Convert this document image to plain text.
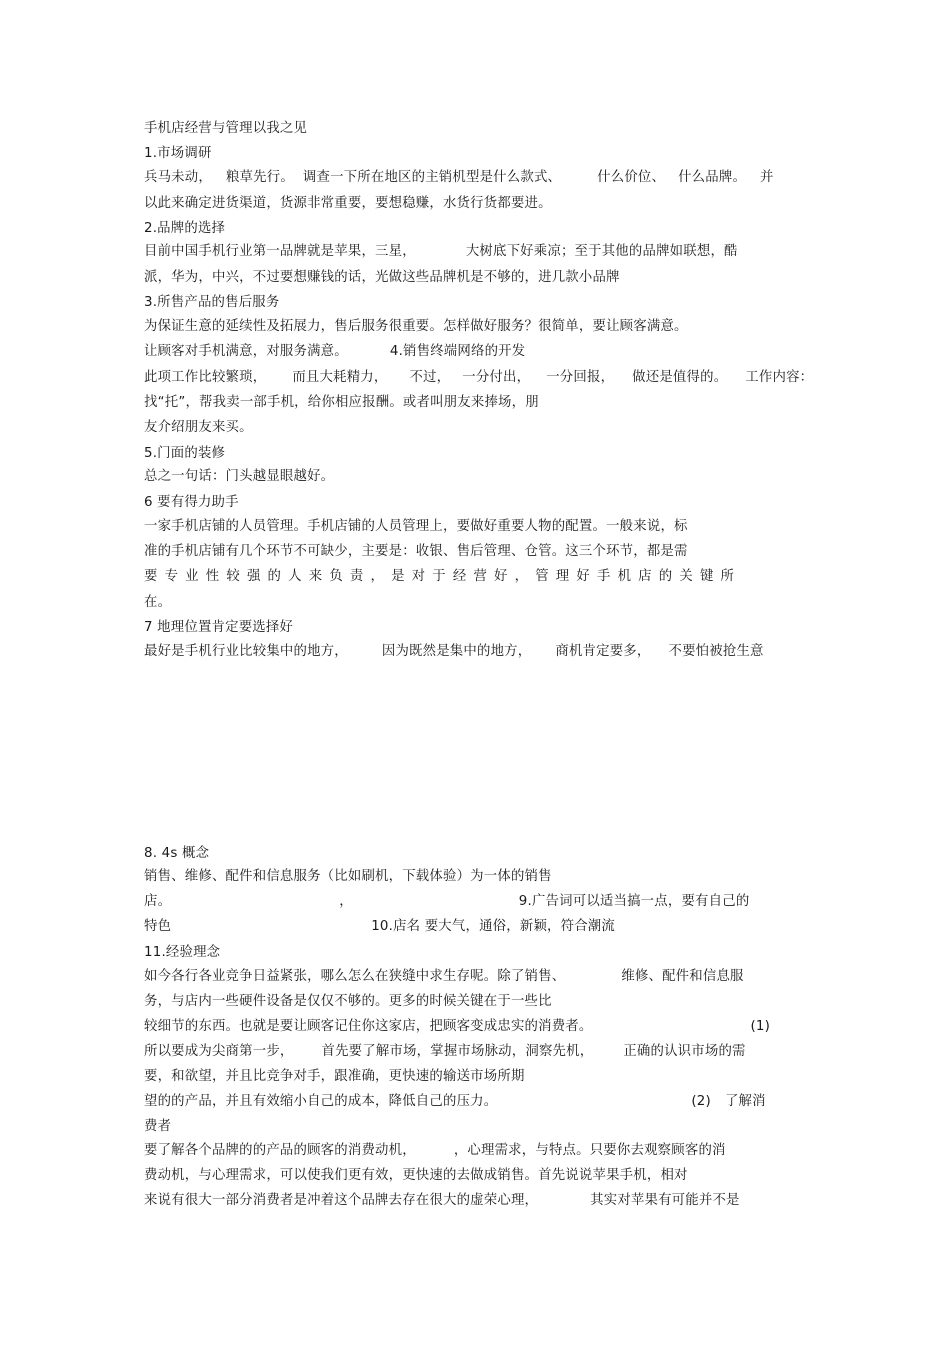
手机店经营与管理以我之见
1.市场调研
兵马未动， 粮草先行。 调查一下所在地区的主销机型是什么款式、	什么价位、 什么品牌。 并
以此来确定进货渠道，货源非常重要，要想稳赚，水货行货都要进。
2.品牌的选择
目前中国手机行业第一品牌就是苹果，三星，	大树底下好乘凉；至于其他的品牌如联想，酷
派，华为，中兴，不过要想赚钱的话，光做这些品牌机是不够的，进几款小品牌
3.所售产品的售后服务
为保证生意的延续性及拓展力，售后服务很重要。怎样做好服务？很简单，要让顾客满意。
让顾客对手机满意，对服务满意。	4.销售终端网络的开发
此项工作比较繁琐， 而且大耗精力， 不过， 一分付出， 一分回报， 做还是值得的。 工作内容：
找“托”，帮我卖一部手机，给你相应报酬。或者叫朋友来捧场，朋
友介绍朋友来买。
5.门面的装修
总之一句话：门头越显眼越好。
6 要有得力助手
一家手机店铺的人员管理。手机店铺的人员管理上，要做好重要人物的配置。一般来说，标
准的手机店铺有几个环节不可缺少，主要是：收银、售后管理、仓管。这三个环节，都是需
要专业性较强的人来负责，是对于经营好，管理好手机店的关键所
在。
7 地理位置肯定要选择好
最好是手机行业比较集中的地方，	因为既然是集中的地方， 商机肯定要多， 不要怕被抢生意
8. 4s 概念
销售、维修、配件和信息服务（比如刷机，下载体验）为一体的销售
店。	，	9.广告词可以适当搞一点，要有自己的
特色	10.店名 要大气，通俗，新颖，符合潮流
11.经验理念
如今各行各业竞争日益紧张，哪么怎么在狭缝中求生存呢。除了销售、	维修、配件和信息服
务，与店内一些硬件设备是仅仅不够的。更多的时候关键在于一些比
较细节的东西。也就是要让顾客记住你这家店，把顾客变成忠实的消费者。	(1)
所以要成为尖商第一步， 首先要了解市场，掌握市场脉动，洞察先机， 正确的认识市场的需
要，和欲望，并且比竞争对手，跟准确，更快速的输送市场所期
望的的产品，并且有效缩小自己的成本，降低自己的压力。	(2) 了解消
费者
要了解各个品牌的的产品的顾客的消费动机，	，心理需求，与特点。只要你去观察顾客的消
费动机，与心理需求，可以使我们更有效，更快速的去做成销售。首先说说苹果手机，相对
来说有很大一部分消费者是冲着这个品牌去存在很大的虚荣心理，	其实对苹果有可能并不是
